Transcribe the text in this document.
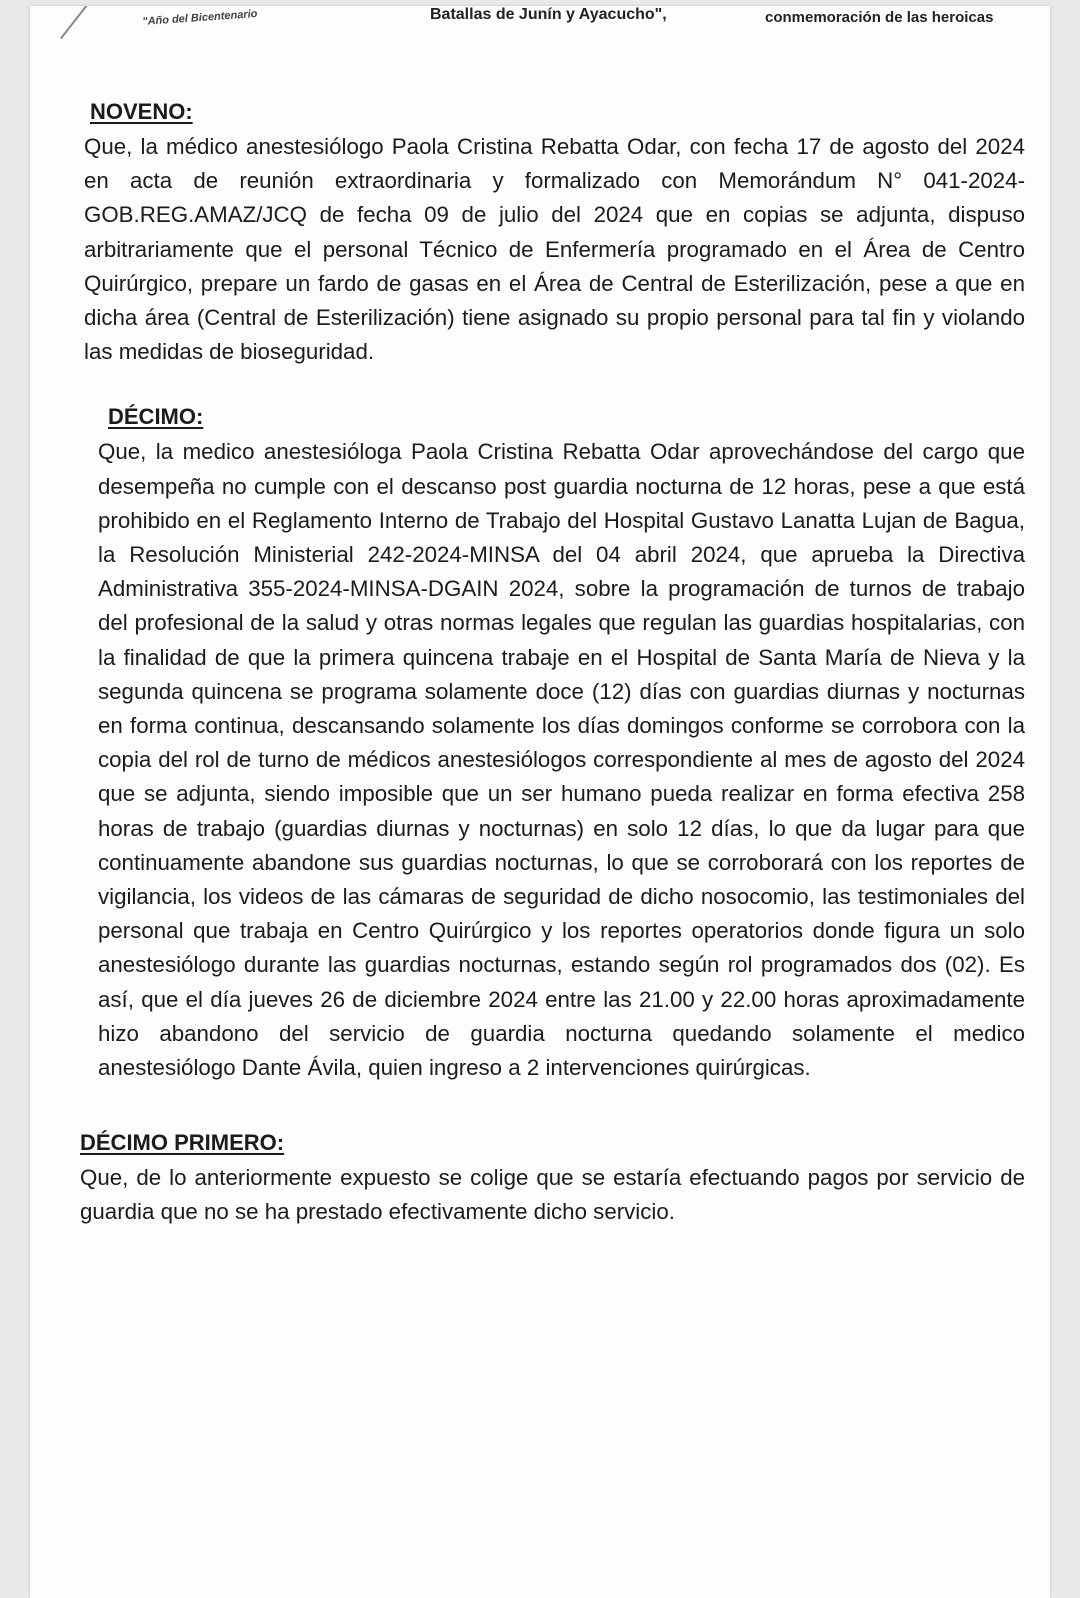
"Año del Bicentenario	Batallas de Junín y Ayacucho",	conmemoración de las heroicas
NOVENO:

Que, la médico anestesiólogo Paola Cristina Rebatta Odar, con fecha 17 de agosto del 2024 en acta de reunión extraordinaria y formalizado con Memorándum N° 041-2024-GOB.REG.AMAZ/JCQ de fecha 09 de julio del 2024 que en copias se adjunta, dispuso arbitrariamente que el personal Técnico de Enfermería programado en el Área de Centro Quirúrgico, prepare un fardo de gasas en el Área de Central de Esterilización, pese a que en dicha área (Central de Esterilización) tiene asignado su propio personal para tal fin y violando las medidas de bioseguridad.

DÉCIMO:

Que, la medico anestesióloga Paola Cristina Rebatta Odar aprovechándose del cargo que desempeña no cumple con el descanso post guardia nocturna de 12 horas, pese a que está prohibido en el Reglamento Interno de Trabajo del Hospital Gustavo Lanatta Lujan de Bagua, la Resolución Ministerial 242-2024-MINSA del 04 abril 2024, que aprueba la Directiva Administrativa 355-2024-MINSA-DGAIN 2024, sobre la programación de turnos de trabajo del profesional de la salud y otras normas legales que regulan las guardias hospitalarias, con la finalidad de que la primera quincena trabaje en el Hospital de Santa María de Nieva y la segunda quincena se programa solamente doce (12) días con guardias diurnas y nocturnas en forma continua, descansando solamente los días domingos conforme se corrobora con la copia del rol de turno de médicos anestesiólogos correspondiente al mes de agosto del 2024 que se adjunta, siendo imposible que un ser humano pueda realizar en forma efectiva 258 horas de trabajo (guardias diurnas y nocturnas) en solo 12 días, lo que da lugar para que continuamente abandone sus guardias nocturnas, lo que se corroborará con los reportes de vigilancia, los videos de las cámaras de seguridad de dicho nosocomio, las testimoniales del personal que trabaja en Centro Quirúrgico y los reportes operatorios donde figura un solo anestesiólogo durante las guardias nocturnas, estando según rol programados dos (02). Es así, que el día jueves 26 de diciembre 2024 entre las 21.00 y 22.00 horas aproximadamente hizo abandono del servicio de guardia nocturna quedando solamente el medico anestesiólogo Dante Ávila, quien ingreso a 2 intervenciones quirúrgicas.

DÉCIMO PRIMERO:

Que, de lo anteriormente expuesto se colige que se estaría efectuando pagos por servicio de guardia que no se ha prestado efectivamente dicho servicio.
